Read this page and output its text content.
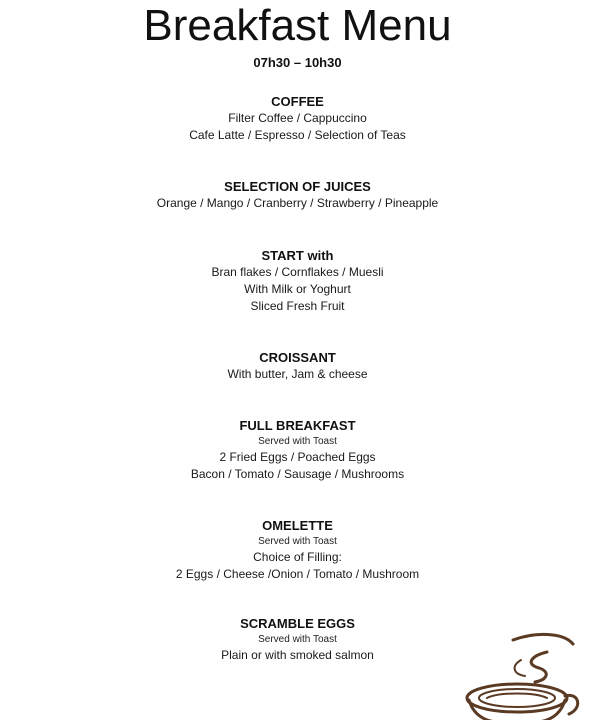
Breakfast Menu
07h30 – 10h30

COFFEE

Filter Coffee / Cappuccino

Cafe Latte / Espresso / Selection of Teas

SELECTION OF JUICES

Orange / Mango / Cranberry / Strawberry / Pineapple

START with

Bran flakes / Cornflakes / Muesli

With Milk or Yoghurt

Sliced Fresh Fruit

CROISSANT

With butter, Jam & cheese

FULL BREAKFAST

Served with Toast

2 Fried Eggs / Poached Eggs

Bacon / Tomato / Sausage / Mushrooms

OMELETTE

Served with Toast

Choice of Filling:

2 Eggs / Cheese /Onion / Tomato / Mushroom

SCRAMBLE EGGS

Served with Toast

Plain or with smoked salmon
